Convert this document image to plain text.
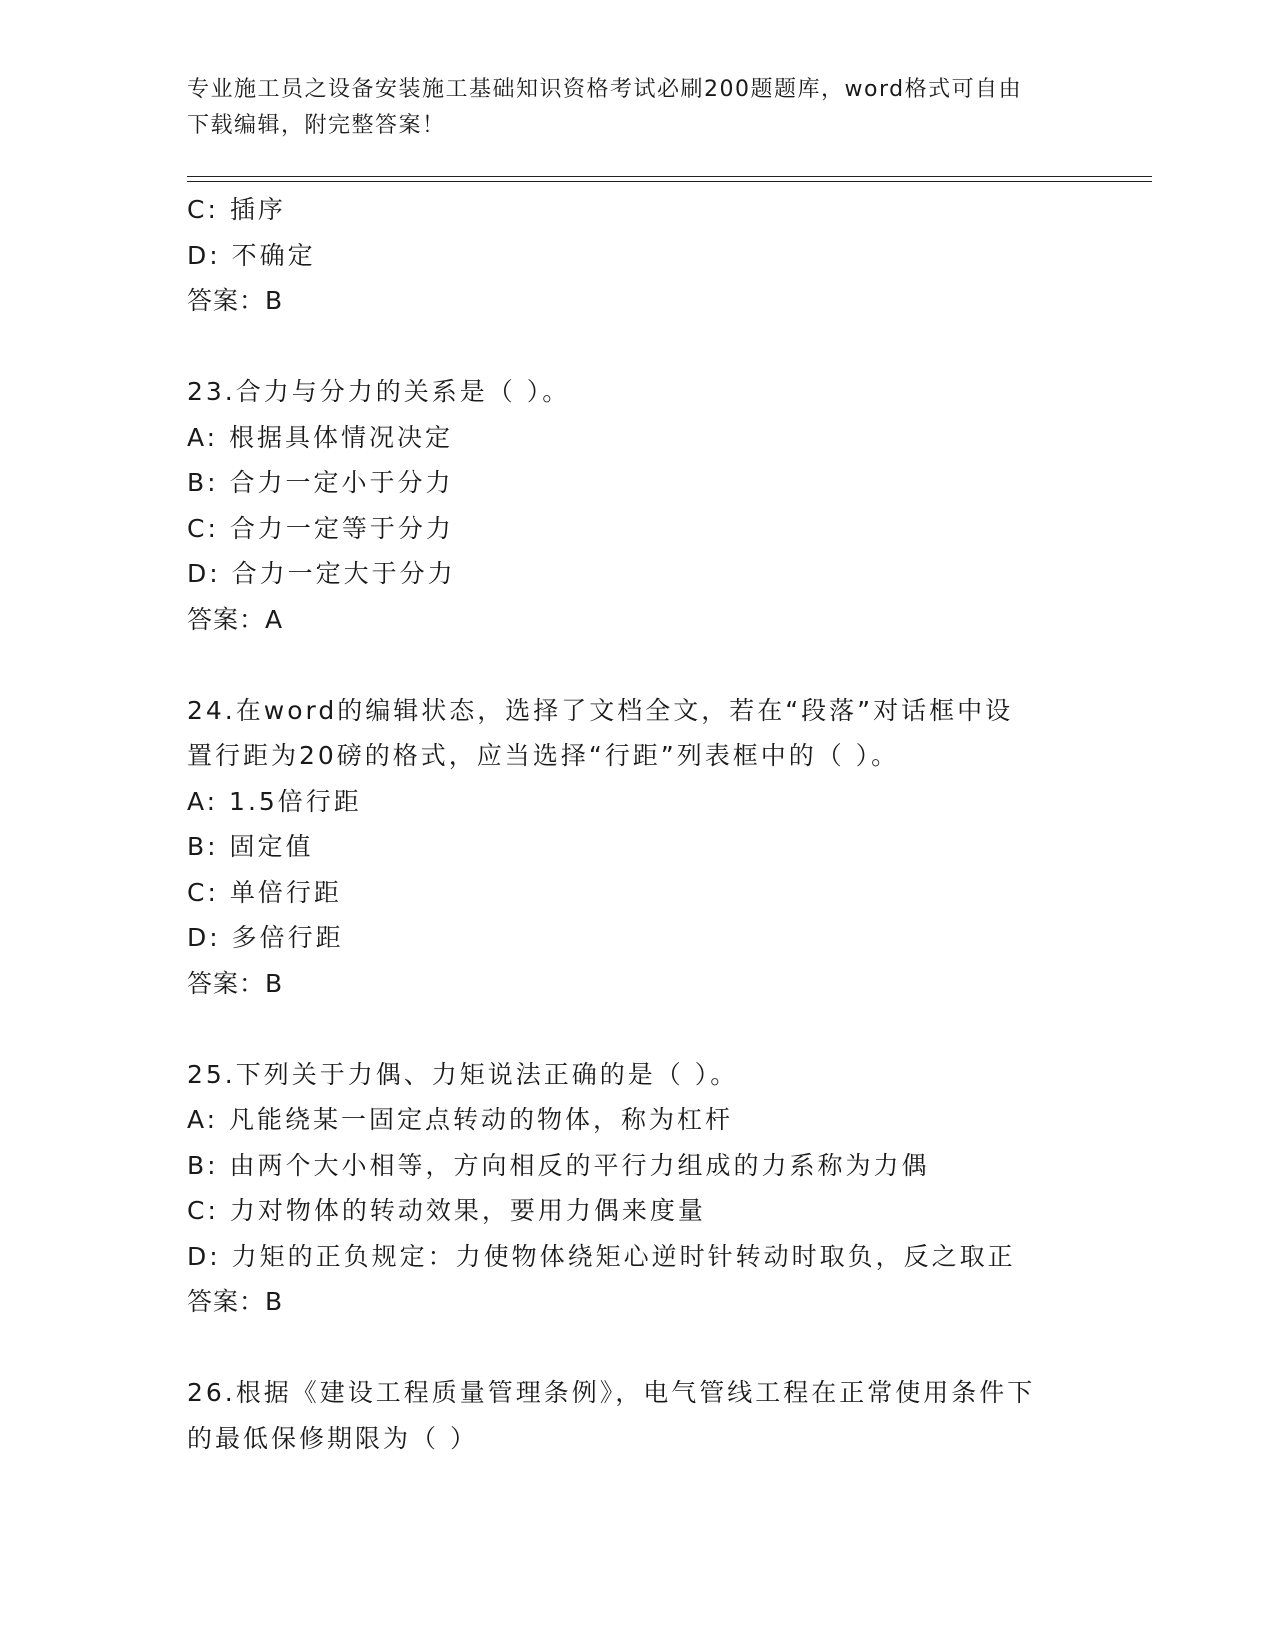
专业施工员之设备安装施工基础知识资格考试必刷200题题库，word格式可自由
下载编辑，附完整答案！
C: 插序
D: 不确定
答案：B
23.合力与分力的关系是（ ）。
A: 根据具体情况决定
B: 合力一定小于分力
C: 合力一定等于分力
D: 合力一定大于分力
答案：A
24.在word的编辑状态，选择了文档全文，若在“段落”对话框中设
置行距为20磅的格式，应当选择“行距”列表框中的（ ）。
A: 1.5倍行距
B: 固定值
C: 单倍行距
D: 多倍行距
答案：B
25.下列关于力偶、力矩说法正确的是（ ）。
A: 凡能绕某一固定点转动的物体，称为杠杆
B: 由两个大小相等，方向相反的平行力组成的力系称为力偶
C: 力对物体的转动效果，要用力偶来度量
D: 力矩的正负规定：力使物体绕矩心逆时针转动时取负，反之取正
答案：B
26.根据《建设工程质量管理条例》，电气管线工程在正常使用条件下
的最低保修期限为（ ）
